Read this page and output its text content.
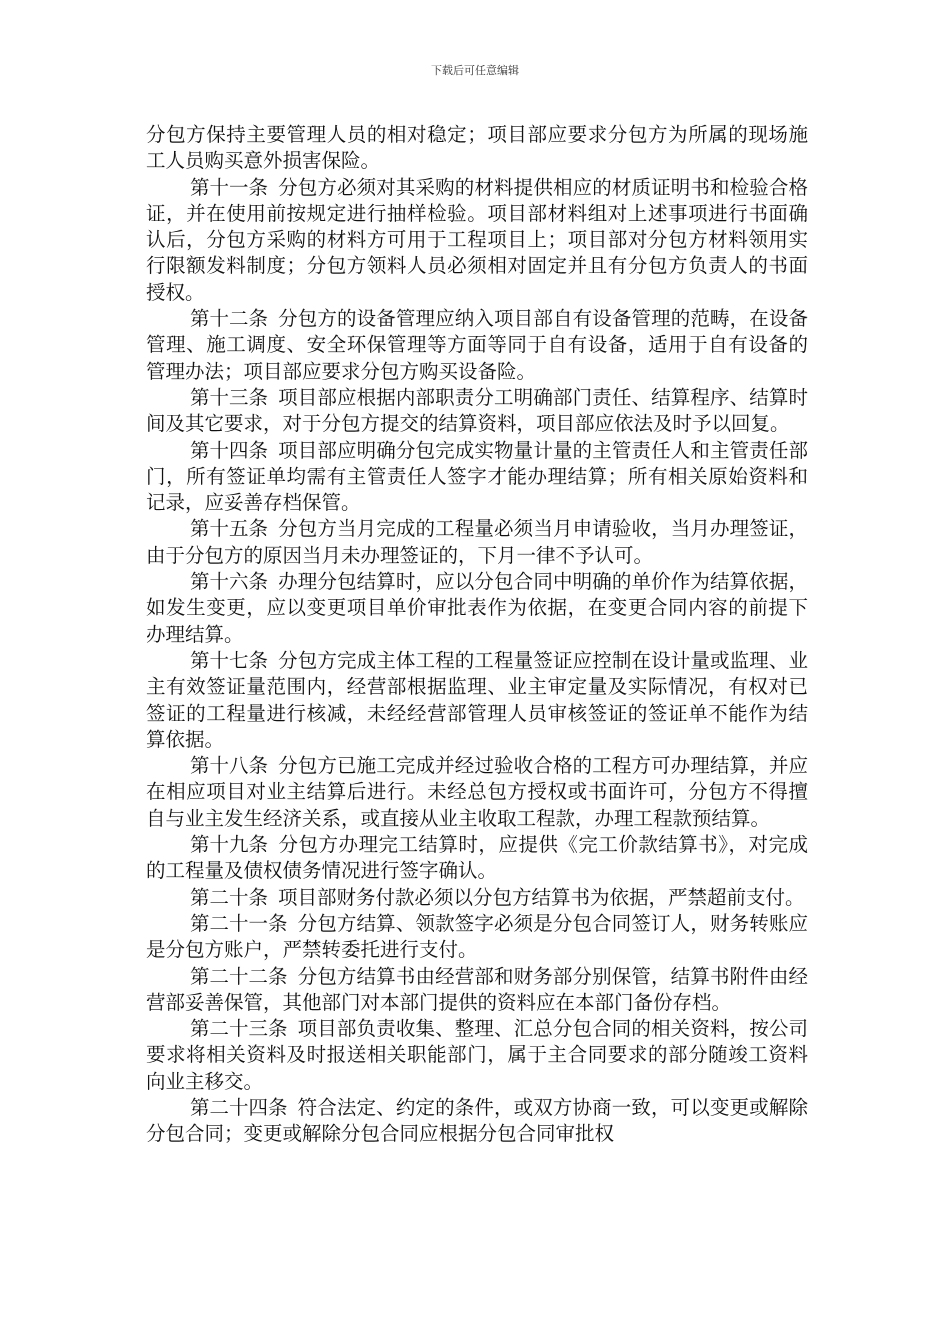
下载后可任意编辑

分包方保持主要管理人员的相对稳定；项目部应要求分包方为所属的现场施工人员购买意外损害保险。

第十一条 分包方必须对其采购的材料提供相应的材质证明书和检验合格证，并在使用前按规定进行抽样检验。项目部材料组对上述事项进行书面确认后，分包方采购的材料方可用于工程项目上；项目部对分包方材料领用实行限额发料制度；分包方领料人员必须相对固定并且有分包方负责人的书面授权。

第十二条 分包方的设备管理应纳入项目部自有设备管理的范畴，在设备管理、施工调度、安全环保管理等方面等同于自有设备，适用于自有设备的管理办法；项目部应要求分包方购买设备险。

第十三条 项目部应根据内部职责分工明确部门责任、结算程序、结算时间及其它要求，对于分包方提交的结算资料，项目部应依法及时予以回复。

第十四条 项目部应明确分包完成实物量计量的主管责任人和主管责任部门，所有签证单均需有主管责任人签字才能办理结算；所有相关原始资料和记录，应妥善存档保管。

第十五条 分包方当月完成的工程量必须当月申请验收，当月办理签证，由于分包方的原因当月未办理签证的，下月一律不予认可。

第十六条 办理分包结算时，应以分包合同中明确的单价作为结算依据，如发生变更，应以变更项目单价审批表作为依据，在变更合同内容的前提下办理结算。

第十七条 分包方完成主体工程的工程量签证应控制在设计量或监理、业主有效签证量范围内，经营部根据监理、业主审定量及实际情况，有权对已签证的工程量进行核减，未经经营部管理人员审核签证的签证单不能作为结算依据。

第十八条 分包方已施工完成并经过验收合格的工程方可办理结算，并应在相应项目对业主结算后进行。未经总包方授权或书面许可，分包方不得擅自与业主发生经济关系，或直接从业主收取工程款，办理工程款预结算。

第十九条 分包方办理完工结算时，应提供《完工价款结算书》，对完成的工程量及债权债务情况进行签字确认。

第二十条 项目部财务付款必须以分包方结算书为依据，严禁超前支付。

第二十一条 分包方结算、领款签字必须是分包合同签订人，财务转账应是分包方账户，严禁转委托进行支付。

第二十二条 分包方结算书由经营部和财务部分别保管，结算书附件由经营部妥善保管，其他部门对本部门提供的资料应在本部门备份存档。

第二十三条 项目部负责收集、整理、汇总分包合同的相关资料，按公司要求将相关资料及时报送相关职能部门，属于主合同要求的部分随竣工资料向业主移交。

第二十四条 符合法定、约定的条件，或双方协商一致，可以变更或解除分包合同；变更或解除分包合同应根据分包合同审批权
